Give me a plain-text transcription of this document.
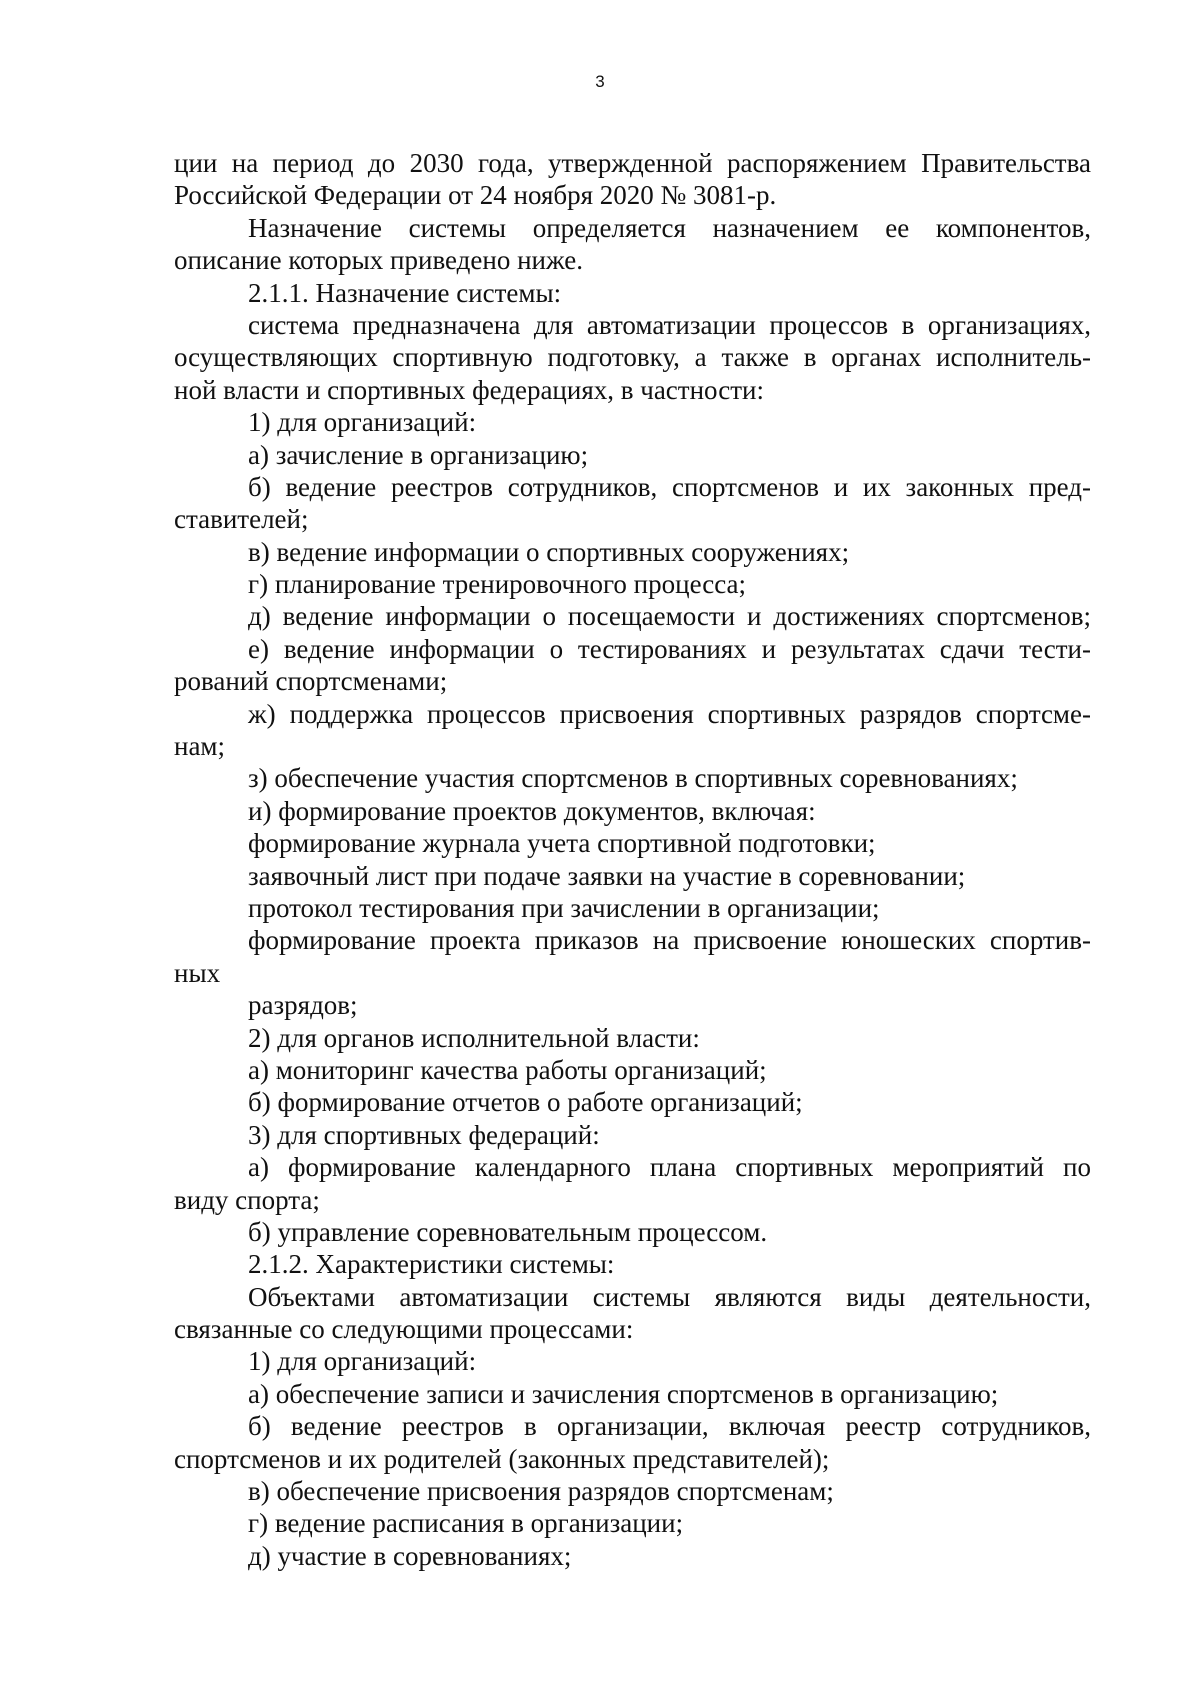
3
ции на период до 2030 года, утвержденной распоряжением Правительства
Российской Федерации от 24 ноября 2020 № 3081-р.
Назначение системы определяется назначением ее компонентов,
описание которых приведено ниже.
2.1.1. Назначение системы:
система предназначена для автоматизации процессов в организациях,
осуществляющих спортивную подготовку, а также в органах исполнитель-
ной власти и спортивных федерациях, в частности:
1) для организаций:
а) зачисление в организацию;
б) ведение реестров сотрудников, спортсменов и их законных пред-
ставителей;
в) ведение информации о спортивных сооружениях;
г) планирование тренировочного процесса;
д) ведение информации о посещаемости и достижениях спортсменов;
е) ведение информации о тестированиях и результатах сдачи тести-
рований спортсменами;
ж) поддержка процессов присвоения спортивных разрядов спортсме-
нам;
з) обеспечение участия спортсменов в спортивных соревнованиях;
и) формирование проектов документов, включая:
формирование журнала учета спортивной подготовки;
заявочный лист при подаче заявки на участие в соревновании;
протокол тестирования при зачислении в организации;
формирование проекта приказов на присвоение юношеских спортив-
ных
разрядов;
2) для органов исполнительной власти:
а) мониторинг качества работы организаций;
б) формирование отчетов о работе организаций;
3) для спортивных федераций:
а) формирование календарного плана спортивных мероприятий по
виду спорта;
б) управление соревновательным процессом.
2.1.2. Характеристики системы:
Объектами автоматизации системы являются виды деятельности,
связанные со следующими процессами:
1) для организаций:
а) обеспечение записи и зачисления спортсменов в организацию;
б) ведение реестров в организации, включая реестр сотрудников,
спортсменов и их родителей (законных представителей);
в) обеспечение присвоения разрядов спортсменам;
г) ведение расписания в организации;
д) участие в соревнованиях;
